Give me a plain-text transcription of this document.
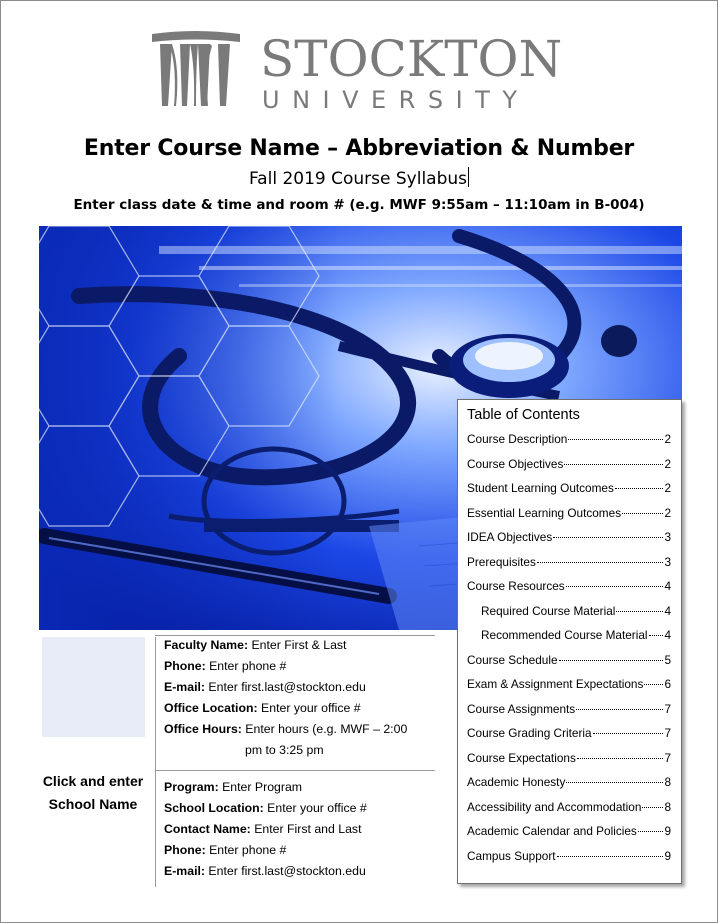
STOCKTON
UNIVERSITY
Enter Course Name – Abbreviation & Number
Fall 2019 Course Syllabus
Enter class date & time and room # (e.g. MWF 9:55am – 11:10am in B-004)
Table of Contents
Course Description	2
Course Objectives	2
Student Learning Outcomes	2
Essential Learning Outcomes	2
IDEA Objectives	3
Prerequisites	3
Course Resources	4
Required Course Material	4
Recommended Course Material 4
Course Schedule	5
Exam & Assignment Expectations 6
Course Assignments	7
Course Grading Criteria	7
Course Expectations	7
Academic Honesty	8
Accessibility and Accommodation 8
Academic Calendar and Policies 9
Campus Support	9
Click and enter School Name
Faculty Name: Enter First & Last
Phone: Enter phone #
E-mail: Enter first.last@stockton.edu
Office Location: Enter your office #
Office Hours: Enter hours (e.g. MWF – 2:00
pm to 3:25 pm
Program: Enter Program
School Location: Enter your office #
Contact Name: Enter First and Last
Phone: Enter phone #
E-mail: Enter first.last@stockton.edu
